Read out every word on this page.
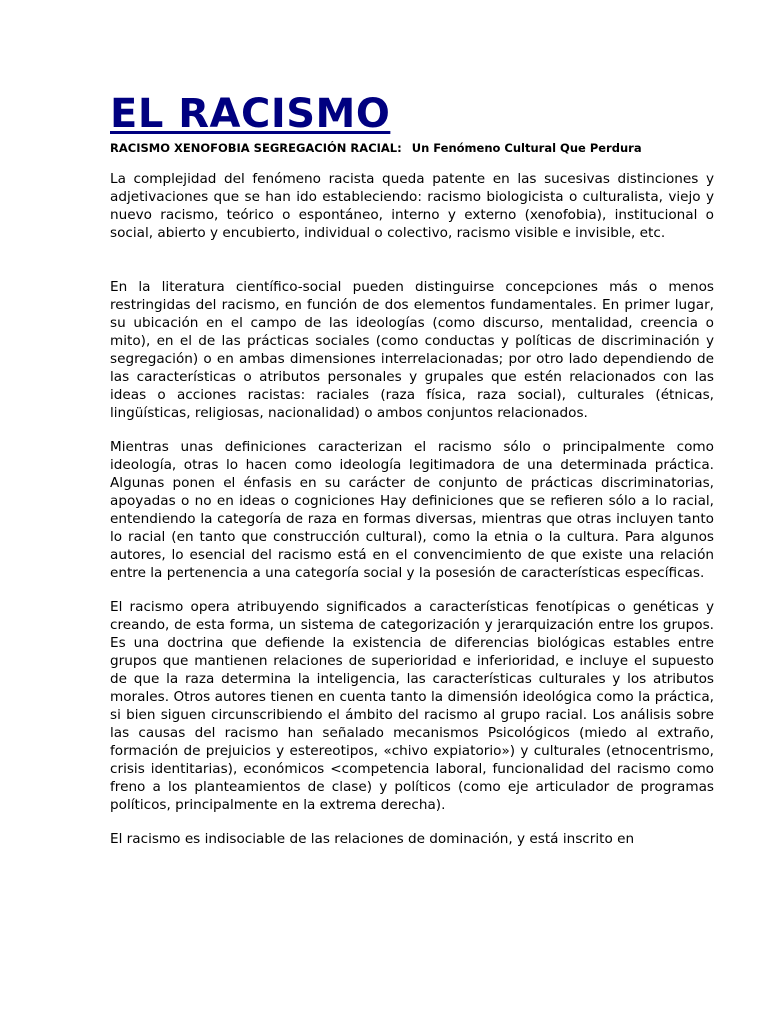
EL RACISMO
RACISMO XENOFOBIA SEGREGACIÓN RACIAL: Un Fenómeno Cultural Que Perdura

La complejidad del fenómeno racista queda patente en las sucesivas distinciones y adjetivaciones que se han ido estableciendo: racismo biologicista o culturalista, viejo y nuevo racismo, teórico o espontáneo, interno y externo (xenofobia), institucional o social, abierto y encubierto, individual o colectivo, racismo visible e invisible, etc.

En la literatura científico-social pueden distinguirse concepciones más o menos restringidas del racismo, en función de dos elementos fundamentales. En primer lugar, su ubicación en el campo de las ideologías (como discurso, mentalidad, creencia o mito), en el de las prácticas sociales (como conductas y políticas de discriminación y segregación) o en ambas dimensiones interrelacionadas; por otro lado dependiendo de las características o atributos personales y grupales que estén relacionados con las ideas o acciones racistas: raciales (raza física, raza social), culturales (étnicas, lingüísticas, religiosas, nacionalidad) o ambos conjuntos relacionados.

Mientras unas definiciones caracterizan el racismo sólo o principalmente como ideología, otras lo hacen como ideología legitimadora de una determinada práctica. Algunas ponen el énfasis en su carácter de conjunto de prácticas discriminatorias, apoyadas o no en ideas o cogniciones Hay definiciones que se refieren sólo a lo racial, entendiendo la categoría de raza en formas diversas, mientras que otras incluyen tanto lo racial (en tanto que construcción cultural), como la etnia o la cultura. Para algunos autores, lo esencial del racismo está en el convencimiento de que existe una relación entre la pertenencia a una categoría social y la posesión de características específicas.

El racismo opera atribuyendo significados a características fenotípicas o genéticas y creando, de esta forma, un sistema de categorización y jerarquización entre los grupos. Es una doctrina que defiende la existencia de diferencias biológicas estables entre grupos que mantienen relaciones de superioridad e inferioridad, e incluye el supuesto de que la raza determina la inteligencia, las características culturales y los atributos morales. Otros autores tienen en cuenta tanto la dimensión ideológica como la práctica, si bien siguen circunscribiendo el ámbito del racismo al grupo racial. Los análisis sobre las causas del racismo han señalado mecanismos Psicológicos (miedo al extraño, formación de prejuicios y estereotipos, «chivo expiatorio») y culturales (etnocentrismo, crisis identitarias), económicos <competencia laboral, funcionalidad del racismo como freno a los planteamientos de clase) y políticos (como eje articulador de programas políticos, principalmente en la extrema derecha).

El racismo es indisociable de las relaciones de dominación, y está inscrito en
